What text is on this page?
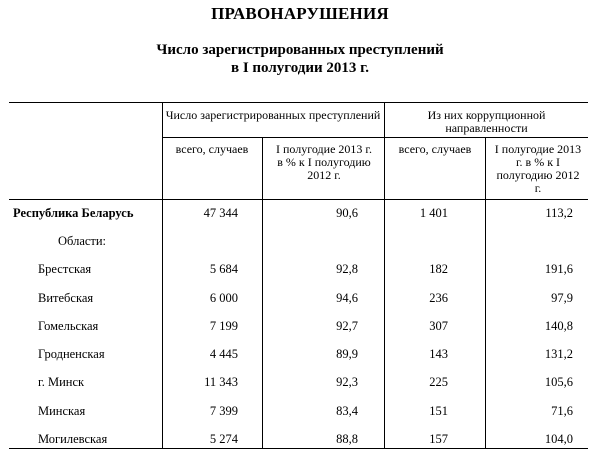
ПРАВОНАРУШЕНИЯ
Число зарегистрированных преступлений
в I полугодии 2013 г.
Число зарегистрированных преступлений	Из них коррупционной направленности
всего, случаев	I полугодие 2013 г. в % к I полугодию 2012 г.
всего, случаев	I полугодие 2013 г. в % к I полугодию 2012 г.
Республика Беларусь	47 344	90,6	1 401	113,2
Области:
Брестская	5 684	92,8	182	191,6
Витебская	6 000	94,6	236	97,9
Гомельская	7 199	92,7	307	140,8
Гродненская	4 445	89,9	143	131,2
г. Минск	11 343	92,3	225	105,6
Минская	7 399	83,4	151	71,6
Могилевская	5 274	88,8	157	104,0
